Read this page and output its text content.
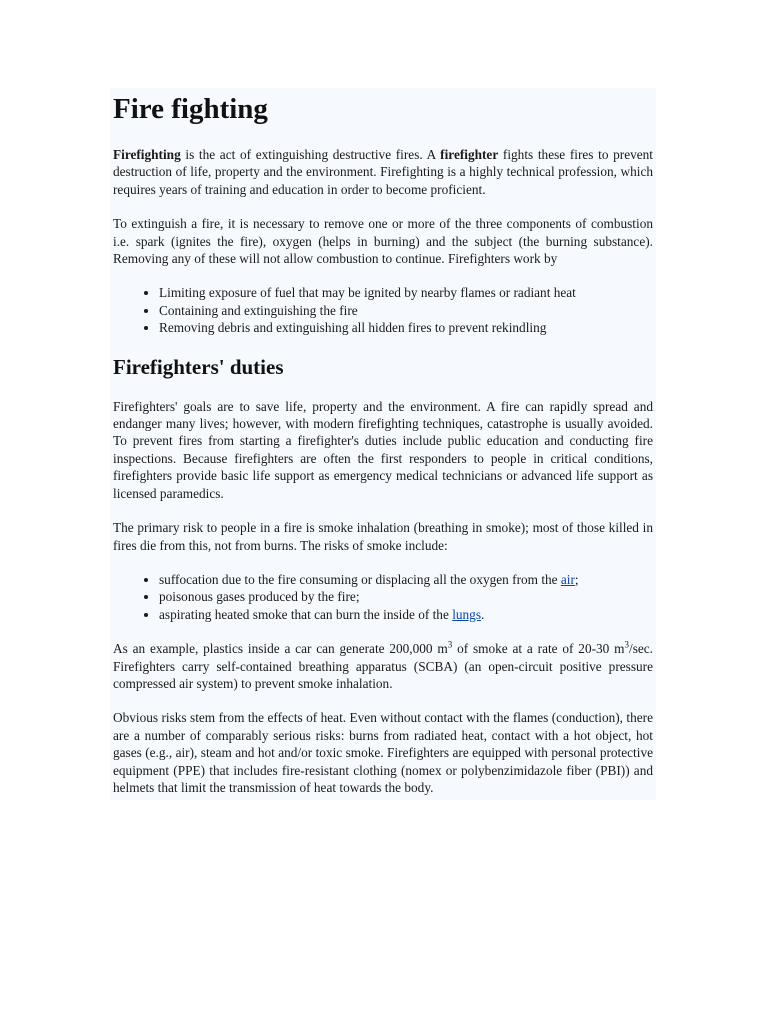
Fire fighting

Firefighting is the act of extinguishing destructive fires. A firefighter fights these fires to prevent destruction of life, property and the environment. Firefighting is a highly technical profession, which requires years of training and education in order to become proficient.

To extinguish a fire, it is necessary to remove one or more of the three components of combustion i.e. spark (ignites the fire), oxygen (helps in burning) and the subject (the burning substance). Removing any of these will not allow combustion to continue. Firefighters work by

• Limiting exposure of fuel that may be ignited by nearby flames or radiant heat
• Containing and extinguishing the fire
• Removing debris and extinguishing all hidden fires to prevent rekindling
Firefighters' duties

Firefighters' goals are to save life, property and the environment. A fire can rapidly spread and endanger many lives; however, with modern firefighting techniques, catastrophe is usually avoided. To prevent fires from starting a firefighter's duties include public education and conducting fire inspections. Because firefighters are often the first responders to people in critical conditions, firefighters provide basic life support as emergency medical technicians or advanced life support as licensed paramedics.

The primary risk to people in a fire is smoke inhalation (breathing in smoke); most of those killed in fires die from this, not from burns. The risks of smoke include:

• suffocation due to the fire consuming or displacing all the oxygen from the air;
• poisonous gases produced by the fire;
• aspirating heated smoke that can burn the inside of the lungs.

As an example, plastics inside a car can generate 200,000 $m^3$ of smoke at a rate of 20-30 $m^3/\sec$. Firefighters carry self-contained breathing apparatus (SCBA) (an open-circuit positive pressure compressed air system) to prevent smoke inhalation.

Obvious risks stem from the effects of heat. Even without contact with the flames (conduction), there are a number of comparably serious risks: burns from radiated heat, contact with a hot object, hot gases (e.g., air), steam and hot and/or toxic smoke. Firefighters are equipped with personal protective equipment (PPE) that includes fire-resistant clothing (nomex or polybenzimidazole fiber (PBI)) and helmets that limit the transmission of heat towards the body.
